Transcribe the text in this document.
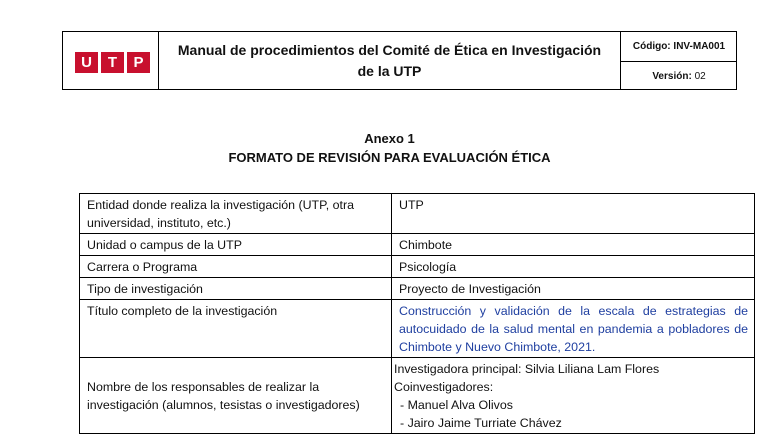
U	T	P
Manual de procedimientos del Comité de Ética en Investigación
de la UTP
Código: INV-MA001
Versión: 02
Anexo 1
FORMATO DE REVISIÓN PARA EVALUACIÓN ÉTICA
Entidad donde realiza la investigación (UTP, otra universidad, instituto, etc.)	UTP
Unidad o campus de la UTP	Chimbote
Carrera o Programa	Psicología
Tipo de investigación	Proyecto de Investigación
Título completo de la investigación	Construcción y validación de la escala de estrategias de autocuidado de la salud mental en pandemia a pobladores de Chimbote y Nuevo Chimbote, 2021.
Nombre de los responsables de realizar la investigación (alumnos, tesistas o investigadores)	Investigadora principal: Silvia Liliana Lam Flores
Coinvestigadores:
- Manuel Alva Olivos
- Jairo Jaime Turriate Chávez
